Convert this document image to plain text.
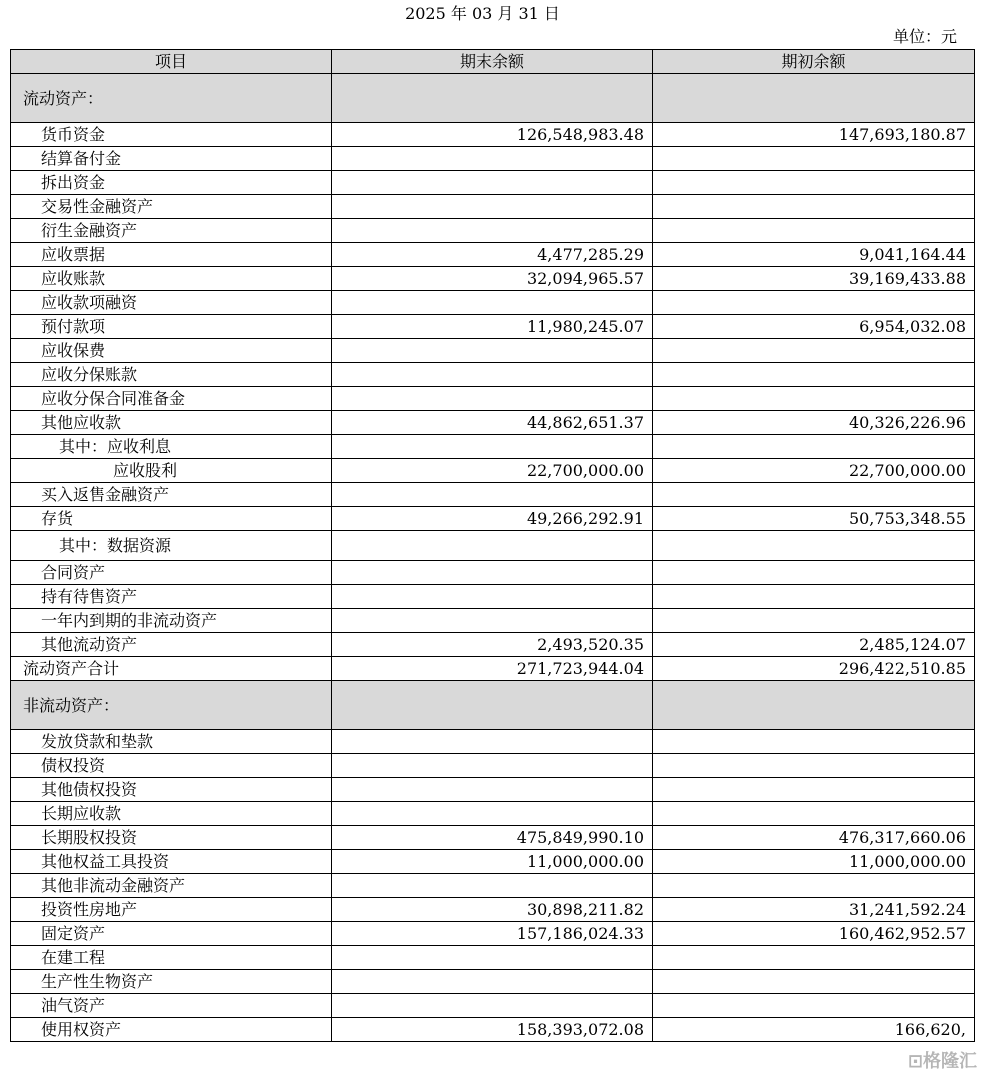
2025 年 03 月 31 日
单位：元
项目	期末余额	期初余额
流动资产：		
货币资金	126,548,983.48	147,693,180.87
结算备付金		
拆出资金		
交易性金融资产		
衍生金融资产		
应收票据	4,477,285.29	9,041,164.44
应收账款	32,094,965.57	39,169,433.88
应收款项融资		
预付款项	11,980,245.07	6,954,032.08
应收保费		
应收分保账款		
应收分保合同准备金		
其他应收款	44,862,651.37	40,326,226.96
其中：应收利息		
应收股利	22,700,000.00	22,700,000.00
买入返售金融资产		
存货	49,266,292.91	50,753,348.55
其中：数据资源		
合同资产		
持有待售资产		
一年内到期的非流动资产		
其他流动资产	2,493,520.35	2,485,124.07
流动资产合计	271,723,944.04	296,422,510.85
非流动资产：		
发放贷款和垫款		
债权投资		
其他债权投资		
长期应收款		
长期股权投资	475,849,990.10	476,317,660.06
其他权益工具投资	11,000,000.00	11,000,000.00
其他非流动金融资产		
投资性房地产	30,898,211.82	31,241,592.24
固定资产	157,186,024.33	160,462,952.57
在建工程		
生产性生物资产		
油气资产		
使用权资产	158,393,072.08	166,620,
⊡格隆汇
